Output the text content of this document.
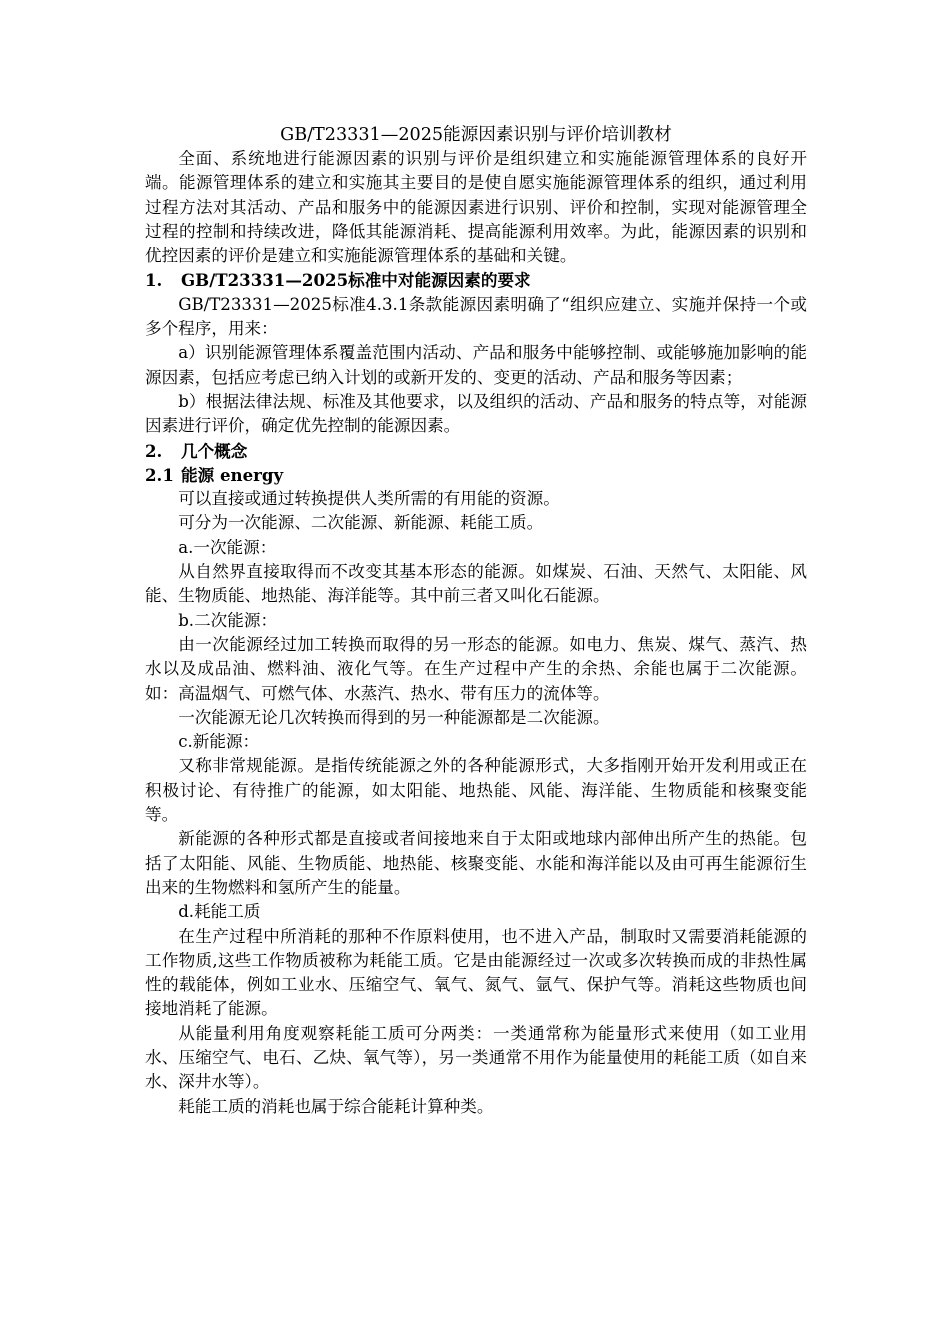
GB/T23331—2025能源因素识别与评价培训教材

全面、系统地进行能源因素的识别与评价是组织建立和实施能源管理体系的良好开端。能源管理体系的建立和实施其主要目的是使自愿实施能源管理体系的组织，通过利用过程方法对其活动、产品和服务中的能源因素进行识别、评价和控制，实现对能源管理全过程的控制和持续改进，降低其能源消耗、提高能源利用效率。为此，能源因素的识别和优控因素的评价是建立和实施能源管理体系的基础和关键。

1. GB/T23331—2025标准中对能源因素的要求

GB/T23331—2025标准4.3.1条款能源因素明确了“组织应建立、实施并保持一个或多个程序，用来：

a）识别能源管理体系覆盖范围内活动、产品和服务中能够控制、或能够施加影响的能源因素，包括应考虑已纳入计划的或新开发的、变更的活动、产品和服务等因素；

b）根据法律法规、标准及其他要求，以及组织的活动、产品和服务的特点等，对能源因素进行评价，确定优先控制的能源因素。

2. 几个概念

2.1 能源 energy

可以直接或通过转换提供人类所需的有用能的资源。

可分为一次能源、二次能源、新能源、耗能工质。

a.一次能源：

从自然界直接取得而不改变其基本形态的能源。如煤炭、石油、天然气、太阳能、风能、生物质能、地热能、海洋能等。其中前三者又叫化石能源。

b.二次能源：

由一次能源经过加工转换而取得的另一形态的能源。如电力、焦炭、煤气、蒸汽、热水以及成品油、燃料油、液化气等。在生产过程中产生的余热、余能也属于二次能源。如：高温烟气、可燃气体、水蒸汽、热水、带有压力的流体等。

一次能源无论几次转换而得到的另一种能源都是二次能源。

c.新能源：

又称非常规能源。是指传统能源之外的各种能源形式，大多指刚开始开发利用或正在积极讨论、有待推广的能源，如太阳能、地热能、风能、海洋能、生物质能和核聚变能等。

新能源的各种形式都是直接或者间接地来自于太阳或地球内部伸出所产生的热能。包括了太阳能、风能、生物质能、地热能、核聚变能、水能和海洋能以及由可再生能源衍生出来的生物燃料和氢所产生的能量。

d.耗能工质

在生产过程中所消耗的那种不作原料使用，也不进入产品，制取时又需要消耗能源的工作物质,这些工作物质被称为耗能工质。它是由能源经过一次或多次转换而成的非热性属性的载能体，例如工业水、压缩空气、氧气、氮气、氩气、保护气等。消耗这些物质也间接地消耗了能源。

从能量利用角度观察耗能工质可分两类：一类通常称为能量形式来使用（如工业用水、压缩空气、电石、乙炔、氧气等），另一类通常不用作为能量使用的耗能工质（如自来水、深井水等）。

耗能工质的消耗也属于综合能耗计算种类。
